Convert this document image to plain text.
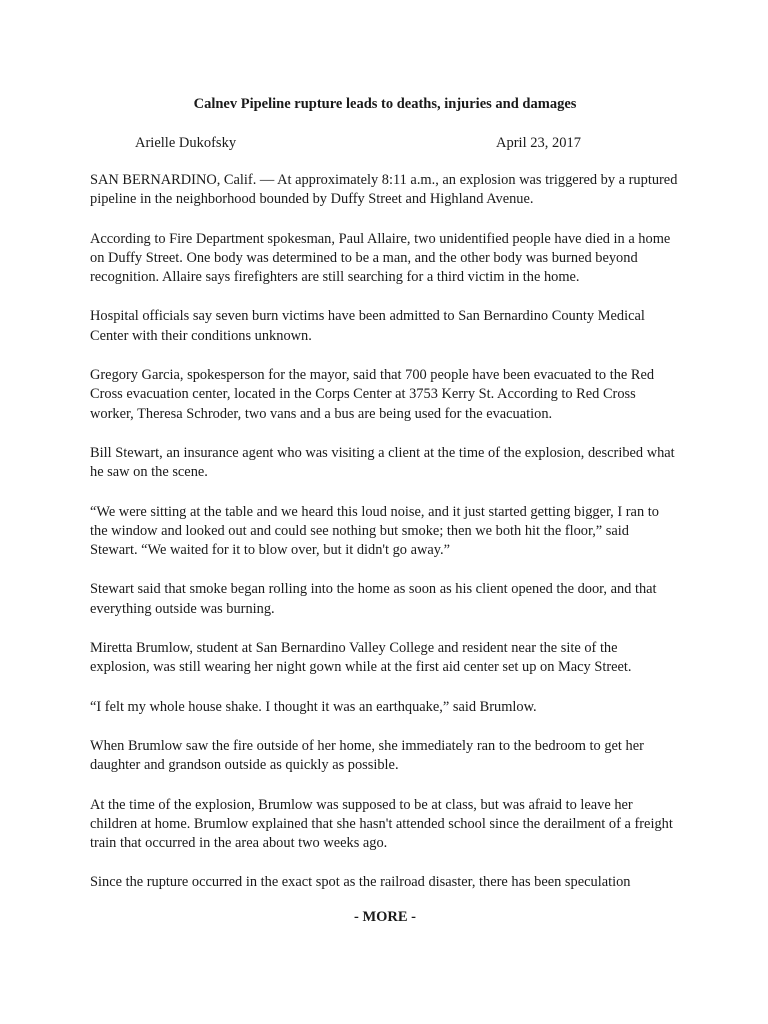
Calnev Pipeline rupture leads to deaths, injuries and damages
Arielle Dukofsky	April 23, 2017

SAN BERNARDINO, Calif. — At approximately 8:11 a.m., an explosion was triggered by a ruptured pipeline in the neighborhood bounded by Duffy Street and Highland Avenue.

According to Fire Department spokesman, Paul Allaire, two unidentified people have died in a home on Duffy Street. One body was determined to be a man, and the other body was burned beyond recognition. Allaire says firefighters are still searching for a third victim in the home.

Hospital officials say seven burn victims have been admitted to San Bernardino County Medical Center with their conditions unknown.

Gregory Garcia, spokesperson for the mayor, said that 700 people have been evacuated to the Red Cross evacuation center, located in the Corps Center at 3753 Kerry St. According to Red Cross worker, Theresa Schroder, two vans and a bus are being used for the evacuation.

Bill Stewart, an insurance agent who was visiting a client at the time of the explosion, described what he saw on the scene.

“We were sitting at the table and we heard this loud noise, and it just started getting bigger, I ran to the window and looked out and could see nothing but smoke; then we both hit the floor,” said Stewart. “We waited for it to blow over, but it didn't go away.”

Stewart said that smoke began rolling into the home as soon as his client opened the door, and that everything outside was burning.

Miretta Brumlow, student at San Bernardino Valley College and resident near the site of the explosion, was still wearing her night gown while at the first aid center set up on Macy Street.

“I felt my whole house shake. I thought it was an earthquake,” said Brumlow.

When Brumlow saw the fire outside of her home, she immediately ran to the bedroom to get her daughter and grandson outside as quickly as possible.

At the time of the explosion, Brumlow was supposed to be at class, but was afraid to leave her children at home. Brumlow explained that she hasn't attended school since the derailment of a freight train that occurred in the area about two weeks ago.

Since the rupture occurred in the exact spot as the railroad disaster, there has been speculation

- MORE -
